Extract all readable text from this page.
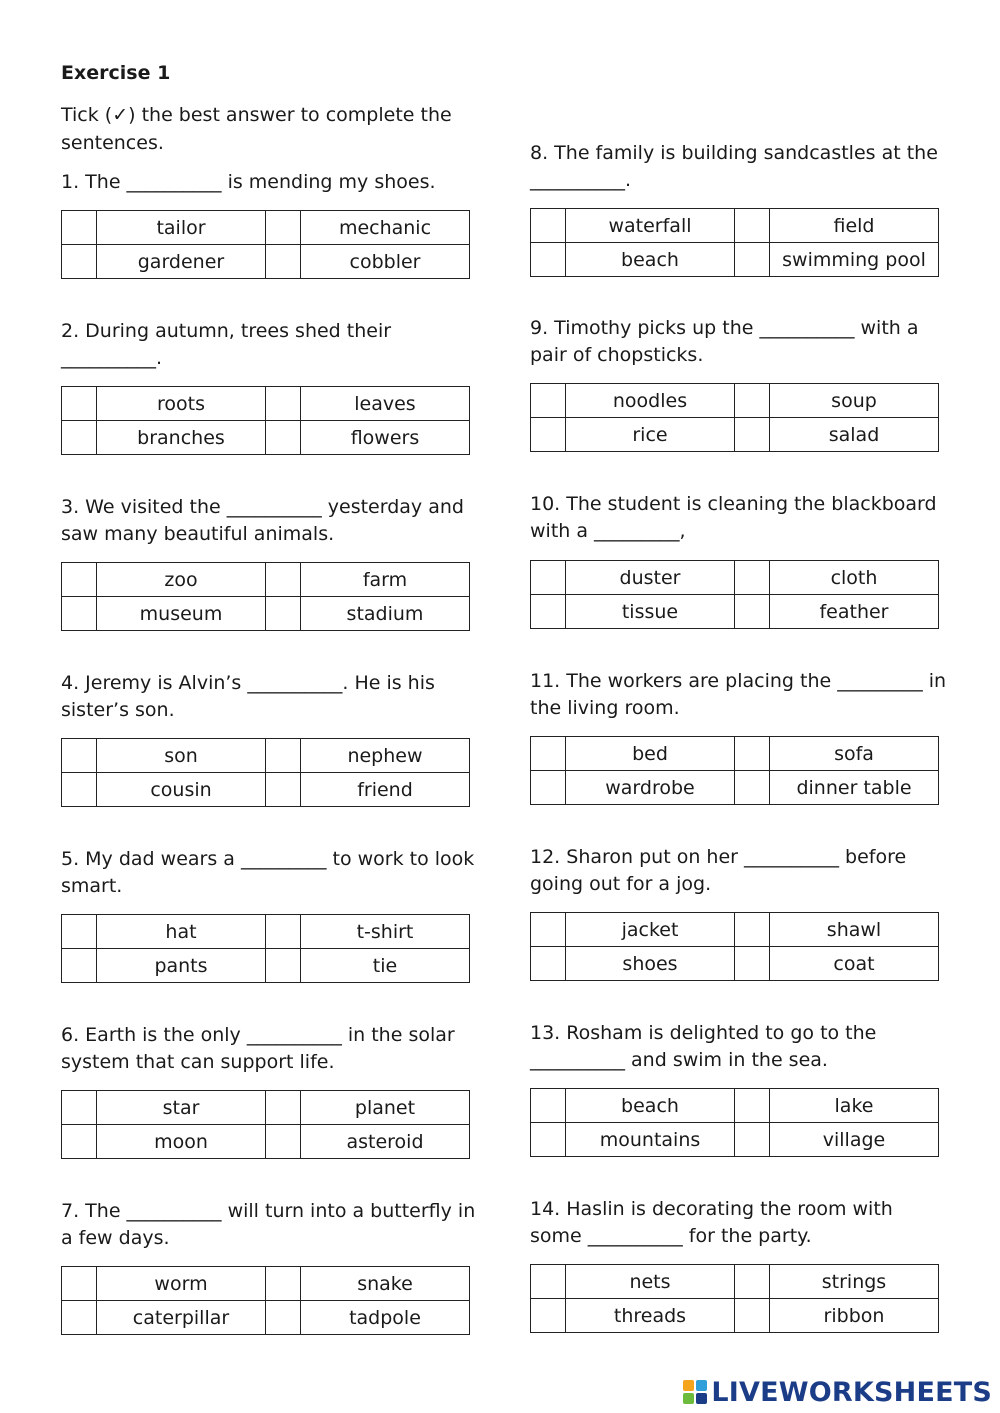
Exercise 1
Tick (✓) the best answer to complete the sentences.
1. The __________ is mending my shoes.
	tailor		mechanic
	gardener		cobbler
2. During autumn, trees shed their __________.
	roots		leaves
	branches		flowers
3. We visited the __________ yesterday and saw many beautiful animals.
	zoo		farm
	museum		stadium
4. Jeremy is Alvin’s __________. He is his sister’s son.
	son		nephew
	cousin		friend
5. My dad wears a _________ to work to look smart.
	hat		t-shirt
	pants		tie
6. Earth is the only __________ in the solar system that can support life.
	star		planet
	moon		asteroid
7. The __________ will turn into a butterfly in a few days.
	worm		snake
	caterpillar		tadpole
8. The family is building sandcastles at the __________.
	waterfall		field
	beach		swimming pool
9. Timothy picks up the __________ with a pair of chopsticks.
	noodles		soup
	rice		salad
10. The student is cleaning the blackboard with a _________,
	duster		cloth
	tissue		feather
11. The workers are placing the _________ in the living room.
	bed		sofa
	wardrobe		dinner table
12. Sharon put on her __________ before going out for a jog.
	jacket		shawl
	shoes		coat
13. Rosham is delighted to go to the __________ and swim in the sea.
	beach		lake
	mountains		village
14. Haslin is decorating the room with some __________ for the party.
	nets		strings
	threads		ribbon
LIVEWORKSHEETS
